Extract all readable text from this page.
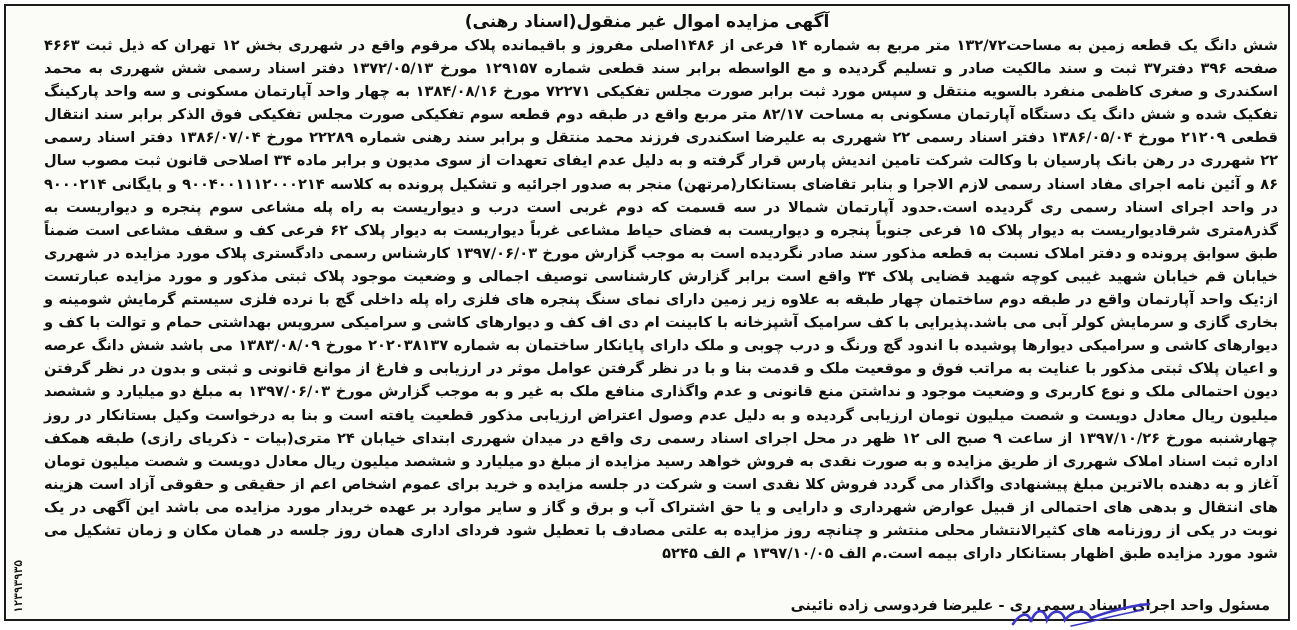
آگهی مزایده اموال غیر منقول(اسناد رهنی)
شش دانگ یک قطعه زمین به مساحت۱۳۲/۷۲ متر مربع به شماره ۱۴ فرعی از ۱۴۸۶اصلی مفروز و باقیمانده پلاک مرقوم واقع در شهرری بخش ۱۲ تهران که ذیل ثبت ۴۶۶۳ صفحه ۳۹۶ دفتر۳۷ ثبت و سند مالکیت صادر و تسلیم گردیده و مع الواسطه برابر سند قطعی شماره ۱۲۹۱۵۷ مورخ ۱۳۷۲/۰۵/۱۳ دفتر اسناد رسمی شش شهرری به محمد اسکندری و صغری کاظمی منفرد بالسویه منتقل و سپس مورد ثبت برابر صورت مجلس تفکیکی ۷۲۲۷۱ مورخ ۱۳۸۴/۰۸/۱۶ به چهار واحد آپارتمان مسکونی و سه واحد پارکینگ تفکیک شده و شش دانگ یک دستگاه آپارتمان مسکونی به مساحت ۸۲/۱۷ متر مربع واقع در طبقه دوم قطعه سوم تفکیکی صورت مجلس تفکیکی فوق الذکر برابر سند انتقال قطعی ۲۱۲۰۹ مورخ ۱۳۸۶/۰۵/۰۴ دفتر اسناد رسمی ۲۲ شهرری به علیرضا اسکندری فرزند محمد منتقل و برابر سند رهنی شماره ۲۲۲۸۹ مورخ ۱۳۸۶/۰۷/۰۴ دفتر اسناد رسمی ۲۲ شهرری در رهن بانک پارسیان با وکالت شرکت تامین اندیش پارس قرار گرفته و به دلیل عدم ایفای تعهدات از سوی مدیون و برابر ماده ۳۴ اصلاحی قانون ثبت مصوب سال ۸۶ و آئین نامه اجرای مفاد اسناد رسمی لازم الاجرا و بنابر تقاضای بستانکار(مرتهن) منجر به صدور اجرائیه و تشکیل پرونده به کلاسه ۹۰۰۴۰۰۱۱۱۲۰۰۰۲۱۴ و بایگانی ۹۰۰۰۲۱۴ در واحد اجرای اسناد رسمی ری گردیده است.حدود آپارتمان شمالا در سه قسمت که دوم غربی است درب و دیواریست به راه پله مشاعی سوم پنجره و دیواریست به گذر۸متری شرقادیواریست به دیوار پلاک ۱۵ فرعی جنوباً پنجره و دیواریست به فضای حیاط مشاعی غرباً دیواریست به دیوار پلاک ۶۲ فرعی کف و سقف مشاعی است ضمناً طبق سوابق پرونده و دفتر املاک نسبت به قطعه مذکور سند صادر نگردیده است به موجب گزارش مورخ ۱۳۹۷/۰۶/۰۳ کارشناس رسمی دادگستری پلاک مورد مزایده در شهرری خیابان قم خیابان شهید غیبی کوچه شهید قضایی پلاک ۳۴ واقع است برابر گزارش کارشناسی توصیف اجمالی و وضعیت موجود پلاک ثبتی مذکور و مورد مزایده عبارتست از:یک واحد آپارتمان واقع در طبقه دوم ساختمان چهار طبقه به علاوه زیر زمین دارای نمای سنگ پنجره های فلزی راه پله داخلی گچ با نرده فلزی سیستم گرمایش شومینه و بخاری گازی و سرمایش کولر آبی می باشد.پذیرایی با کف سرامیک آشپزخانه با کابینت ام دی اف کف و دیوارهای کاشی و سرامیکی سرویس بهداشتی حمام و توالت با کف و دیوارهای کاشی و سرامیکی دیوارها پوشیده با اندود گچ ورنگ و درب چوبی و ملک دارای پایانکار ساختمان به شماره ۲۰۲۰۳۸۱۳۷ مورخ ۱۳۸۳/۰۸/۰۹ می باشد شش دانگ عرصه و اعیان پلاک ثبتی مذکور با عنایت به مراتب فوق و موقعیت ملک و قدمت بنا و با در نظر گرفتن عوامل موثر در ارزیابی و فارغ از موانع قانونی و ثبتی و بدون در نظر گرفتن دیون احتمالی ملک و نوع کاربری و وضعیت موجود و نداشتن منع قانونی و عدم واگذاری منافع ملک به غیر و به موجب گزارش مورخ ۱۳۹۷/۰۶/۰۳ به مبلغ دو میلیارد و ششصد میلیون ریال معادل دویست و شصت میلیون تومان ارزیابی گردیده و به دلیل عدم وصول اعتراض ارزیابی مذکور قطعیت یافته است و بنا به درخواست وکیل بستانکار در روز چهارشنبه مورخ ۱۳۹۷/۱۰/۲۶ از ساعت ۹ صبح الی ۱۲ ظهر در محل اجرای اسناد رسمی ری واقع در میدان شهرری ابتدای خیابان ۲۴ متری(بیات - ذکریای رازی) طبقه همکف اداره ثبت اسناد املاک شهرری از طریق مزایده و به صورت نقدی به فروش خواهد رسید مزایده از مبلغ دو میلیارد و ششصد میلیون ریال معادل دویست و شصت میلیون تومان آغاز و به دهنده بالاترین مبلغ پیشنهادی واگذار می گردد فروش کلا نقدی است و شرکت در جلسه مزایده و خرید برای عموم اشخاص اعم از حقیقی و حقوقی آزاد است هزینه های انتقال و بدهی های احتمالی از قبیل عوارض شهرداری و دارایی و یا حق اشتراک آب و برق و گاز و سایر موارد بر عهده خریدار مورد مزایده می باشد این آگهی در یک نوبت در یکی از روزنامه های کثیرالانتشار محلی منتشر و چنانچه روز مزایده به علتی مصادف با تعطیل شود فردای اداری همان روز جلسه در همان مکان و زمان تشکیل می شود مورد مزایده طبق اظهار بستانکار دارای بیمه است.م الف ۱۳۹۷/۱۰/۰۵ م الف ۵۲۴۵
مسئول واحد اجرای اسناد رسمی ری - علیرضا فردوسی زاده نائینی
۱۲۳۹۳۹۳۵
